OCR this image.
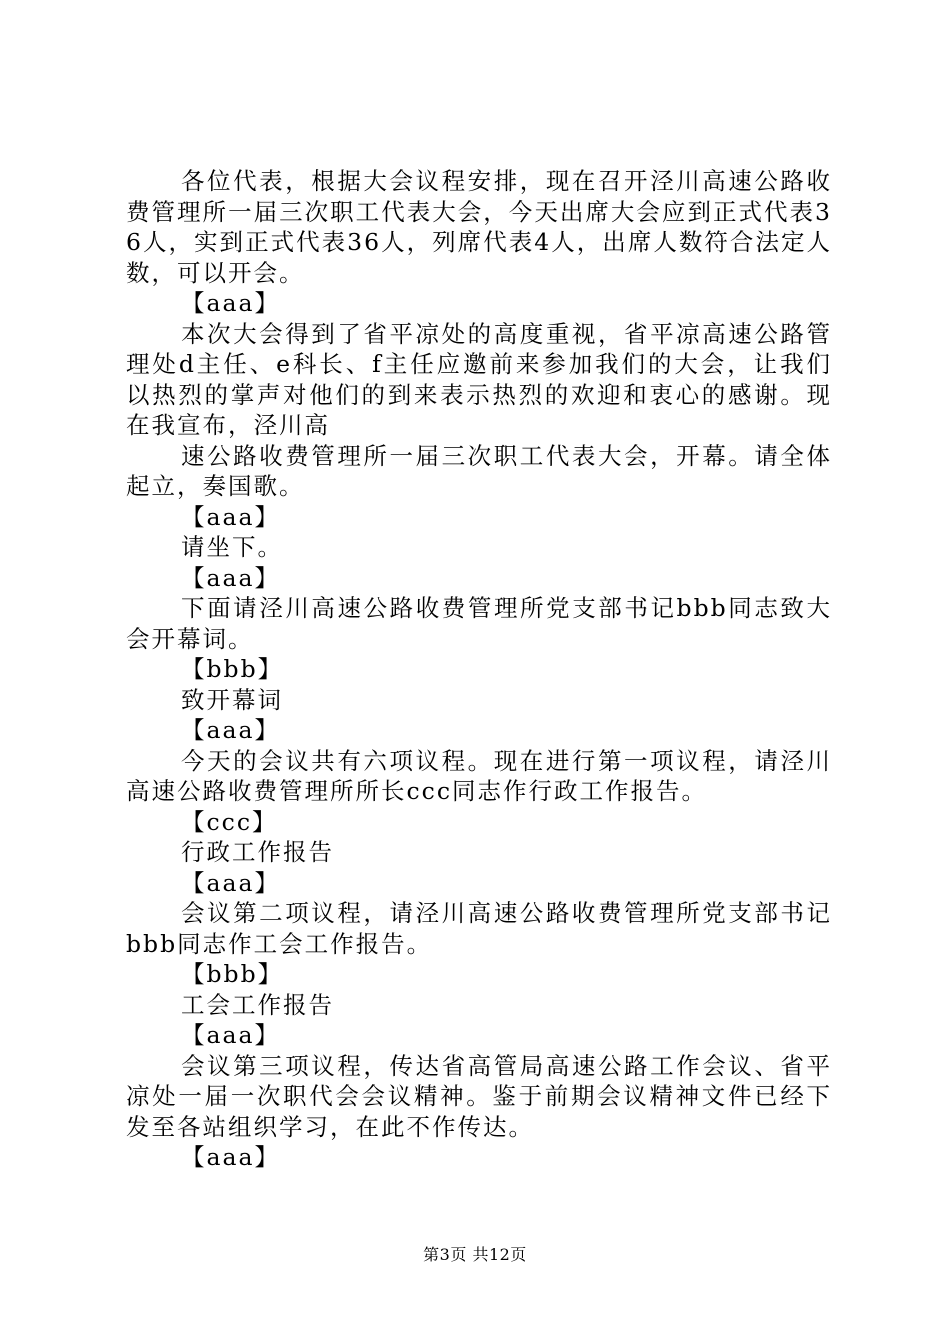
各位代表，根据大会议程安排，现在召开泾川高速公路收费管理所一届三次职工代表大会，今天出席大会应到正式代表36人，实到正式代表36人，列席代表4人，出席人数符合法定人数，可以开会。

【aaa】

本次大会得到了省平凉处的高度重视，省平凉高速公路管理处d主任、e科长、f主任应邀前来参加我们的大会，让我们以热烈的掌声对他们的到来表示热烈的欢迎和衷心的感谢。现在我宣布，泾川高

速公路收费管理所一届三次职工代表大会，开幕。请全体起立，奏国歌。

【aaa】

请坐下。

【aaa】

下面请泾川高速公路收费管理所党支部书记bbb同志致大会开幕词。

【bbb】

致开幕词

【aaa】

今天的会议共有六项议程。现在进行第一项议程，请泾川高速公路收费管理所所长ccc同志作行政工作报告。

【ccc】

行政工作报告

【aaa】

会议第二项议程，请泾川高速公路收费管理所党支部书记bbb同志作工会工作报告。

【bbb】

工会工作报告

【aaa】

会议第三项议程，传达省高管局高速公路工作会议、省平凉处一届一次职代会会议精神。鉴于前期会议精神文件已经下发至各站组织学习，在此不作传达。

【aaa】

第3页 共12页
